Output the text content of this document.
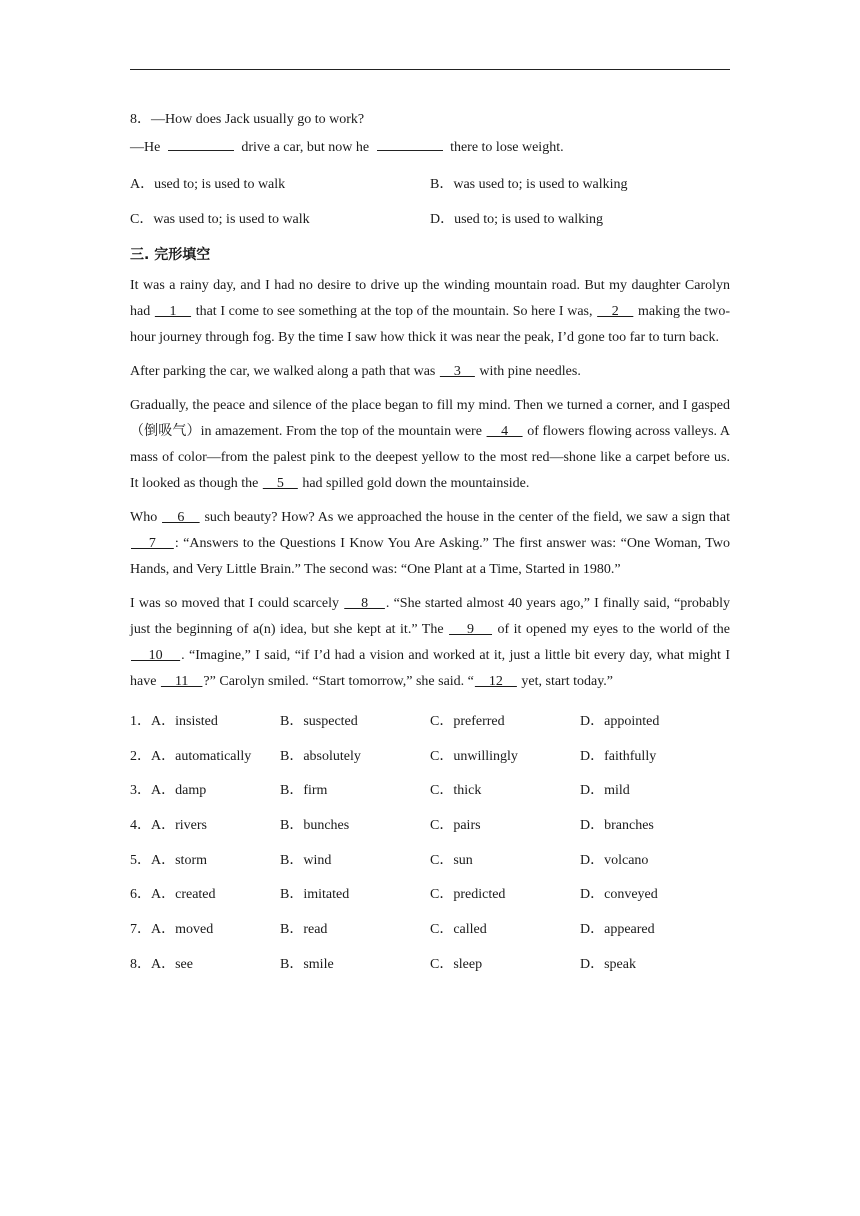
8．—How does Jack usually go to work?

—He	drive a car, but now he	there to lose weight.

A．used to; is used to walk	B．was used to; is used to walking
C．was used to; is used to walk	D．used to; is used to walking

三. 完形填空

It was a rainy day, and I had no desire to drive up the winding mountain road. But my daughter Carolyn had     1     that I come to see something at the top of the mountain. So here I was,     2     making the two-hour journey through fog. By the time I saw how thick it was near the peak, I’d gone too far to turn back.

After parking the car, we walked along a path that was     3     with pine needles.

Gradually, the peace and silence of the place began to fill my mind. Then we turned a corner, and I gasped（倒吸气）in amazement. From the top of the mountain were     4     of flowers flowing across valleys. A mass of color—from the palest pink to the deepest yellow to the most red—shone like a carpet before us. It looked as though the     5     had spilled gold down the mountainside.

Who     6     such beauty? How? As we approached the house in the center of the field, we saw a sign that     7    : “Answers to the Questions I Know You Are Asking.” The first answer was: “One Woman, Two Hands, and Very Little Brain.” The second was: “One Plant at a Time, Started in 1980.”

I was so moved that I could scarcely     8    . “She started almost 40 years ago,” I finally said, “probably just the beginning of a(n) idea, but she kept at it.” The     9     of it opened my eyes to the world of the     10    . “Imagine,” I said, “if I’d had a vision and worked at it, just a little bit every day, what might I have     11    ?” Carolyn smiled. “Start tomorrow,” she said. “    12     yet, start today.”

1．A．insisted	B．suspected	C．preferred	D．appointed
2．A．automatically	B．absolutely	C．unwillingly	D．faithfully
3．A．damp	B．firm	C．thick	D．mild
4．A．rivers	B．bunches	C．pairs	D．branches
5．A．storm	B．wind	C．sun	D．volcano
6．A．created	B．imitated	C．predicted	D．conveyed
7．A．moved	B．read	C．called	D．appeared
8．A．see	B．smile	C．sleep	D．speak
